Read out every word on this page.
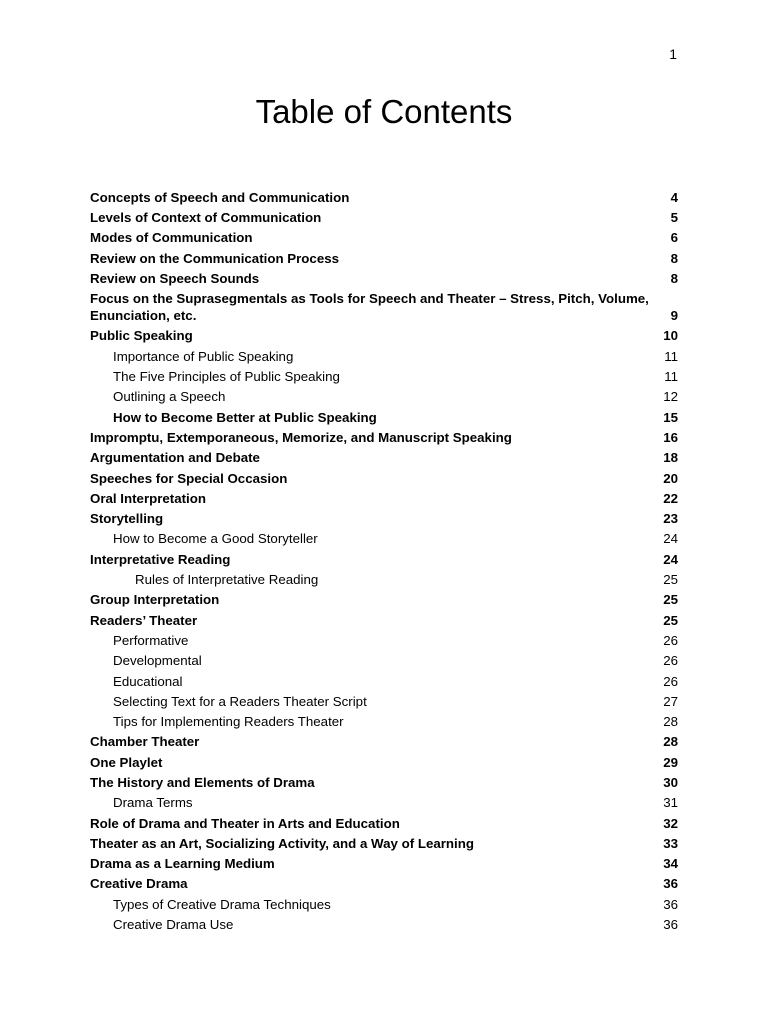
1
Table of Contents
Concepts of Speech and Communication	4
Levels of Context of Communication	5
Modes of Communication	6
Review on the Communication Process	8
Review on Speech Sounds	8
Focus on the Suprasegmentals as Tools for Speech and Theater – Stress, Pitch, Volume, Enunciation, etc.	9
Public Speaking	10
Importance of Public Speaking	11
The Five Principles of Public Speaking	11
Outlining a Speech	12
How to Become Better at Public Speaking	15
Impromptu, Extemporaneous, Memorize, and Manuscript Speaking	16
Argumentation and Debate	18
Speeches for Special Occasion	20
Oral Interpretation	22
Storytelling	23
How to Become a Good Storyteller	24
Interpretative Reading	24
Rules of Interpretative Reading	25
Group Interpretation	25
Readers’ Theater	25
Performative	26
Developmental	26
Educational	26
Selecting Text for a Readers Theater Script	27
Tips for Implementing Readers Theater	28
Chamber Theater	28
One Playlet	29
The History and Elements of Drama	30
Drama Terms	31
Role of Drama and Theater in Arts and Education	32
Theater as an Art, Socializing Activity, and a Way of Learning	33
Drama as a Learning Medium	34
Creative Drama	36
Types of Creative Drama Techniques	36
Creative Drama Use	36
